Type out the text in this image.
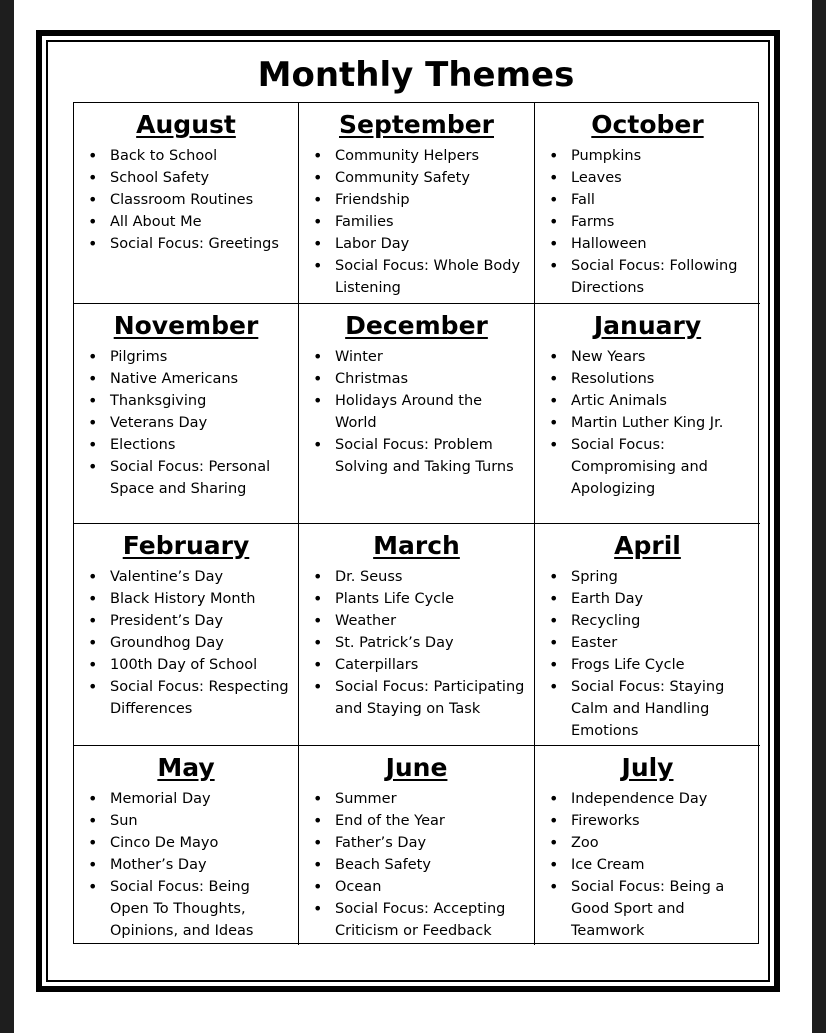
Monthly Themes
August
• Back to School
• School Safety
• Classroom Routines
• All About Me
• Social Focus: Greetings
September
• Community Helpers
• Community Safety
• Friendship
• Families
• Labor Day
• Social Focus: Whole Body Listening
October
• Pumpkins
• Leaves
• Fall
• Farms
• Halloween
• Social Focus: Following Directions
November
• Pilgrims
• Native Americans
• Thanksgiving
• Veterans Day
• Elections
• Social Focus: Personal Space and Sharing
December
• Winter
• Christmas
• Holidays Around the World
• Social Focus: Problem Solving and Taking Turns
January
• New Years
• Resolutions
• Artic Animals
• Martin Luther King Jr.
• Social Focus: Compromising and Apologizing
February
• Valentine’s Day
• Black History Month
• President’s Day
• Groundhog Day
• 100th Day of School
• Social Focus: Respecting Differences
March
• Dr. Seuss
• Plants Life Cycle
• Weather
• St. Patrick’s Day
• Caterpillars
• Social Focus: Participating and Staying on Task
April
• Spring
• Earth Day
• Recycling
• Easter
• Frogs Life Cycle
• Social Focus: Staying Calm and Handling Emotions
May
• Memorial Day
• Sun
• Cinco De Mayo
• Mother’s Day
• Social Focus: Being Open To Thoughts, Opinions, and Ideas
June
• Summer
• End of the Year
• Father’s Day
• Beach Safety
• Ocean
• Social Focus: Accepting Criticism or Feedback
July
• Independence Day
• Fireworks
• Zoo
• Ice Cream
• Social Focus: Being a Good Sport and Teamwork
